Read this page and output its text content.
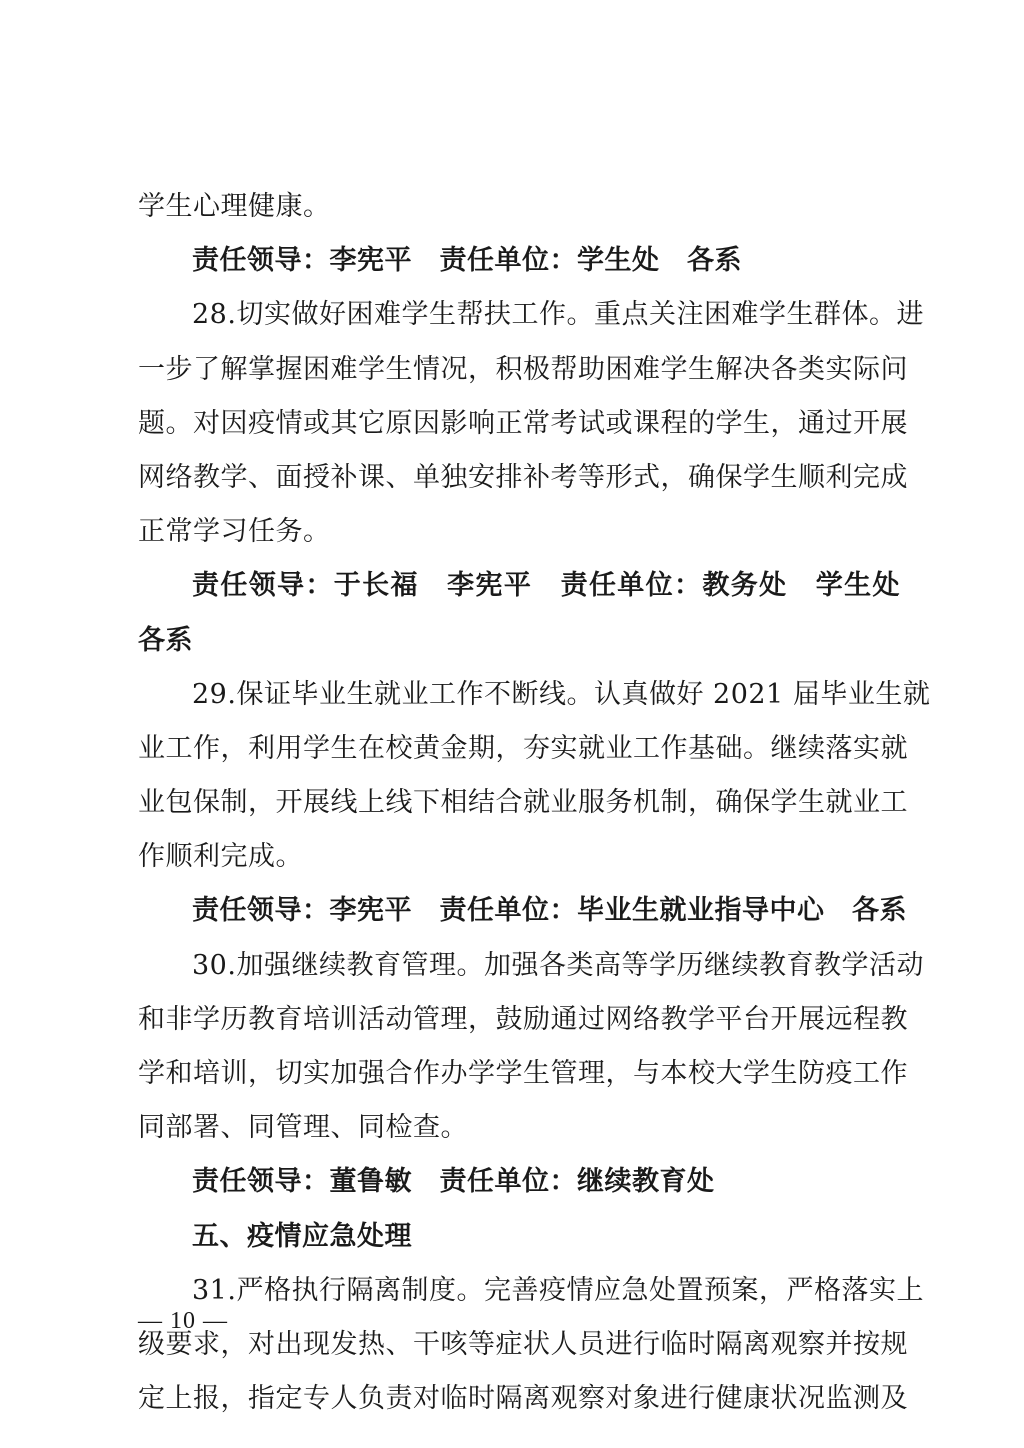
学生心理健康。
责任领导：李宪平　责任单位：学生处　各系
28.切实做好困难学生帮扶工作。重点关注困难学生群体。进
一步了解掌握困难学生情况，积极帮助困难学生解决各类实际问
题。对因疫情或其它原因影响正常考试或课程的学生，通过开展
网络教学、面授补课、单独安排补考等形式，确保学生顺利完成
正常学习任务。
责任领导：于长福　李宪平　责任单位：教务处　学生处
各系
29.保证毕业生就业工作不断线。认真做好 2021 届毕业生就
业工作，利用学生在校黄金期，夯实就业工作基础。继续落实就
业包保制，开展线上线下相结合就业服务机制，确保学生就业工
作顺利完成。
责任领导：李宪平　责任单位：毕业生就业指导中心　各系
30.加强继续教育管理。加强各类高等学历继续教育教学活动
和非学历教育培训活动管理，鼓励通过网络教学平台开展远程教
学和培训，切实加强合作办学学生管理，与本校大学生防疫工作
同部署、同管理、同检查。
责任领导：董鲁敏　责任单位：继续教育处
五、疫情应急处理
31.严格执行隔离制度。完善疫情应急处置预案，严格落实上
级要求，对出现发热、干咳等症状人员进行临时隔离观察并按规
定上报，指定专人负责对临时隔离观察对象进行健康状况监测及
— 10 —
